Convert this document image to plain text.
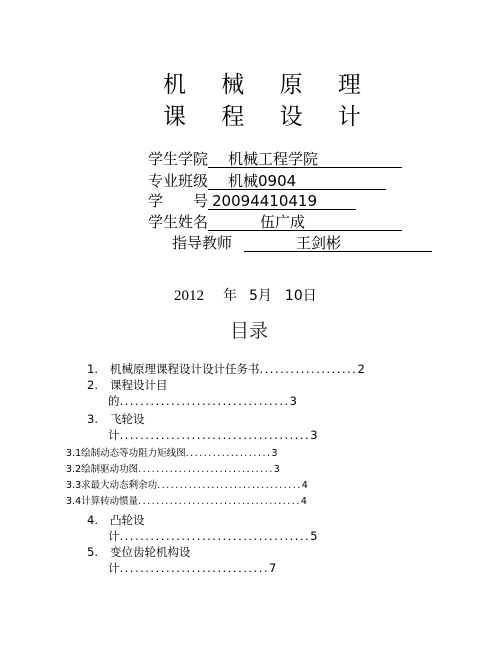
机 械 原 理
课 程 设 计
学生学院 机械工程学院
专业班级 机械0904
学　　号 20094410419
学生姓名	伍广成
指导教师	王剑彬
2012 年 5月 10日
目录
1. 机械原理课程设计设计任务书...................2
2. 课程设计目
的.................................3
3. 飞轮设
计.....................................3
3.1绘制动态等功阻力矩线图...................3
3.2绘制驱动功图..............................3
3.3求最大动态剩余功................................4
3.4计算转动惯量....................................4
4. 凸轮设
计.....................................5
5. 变位齿轮机构设
计.............................7
